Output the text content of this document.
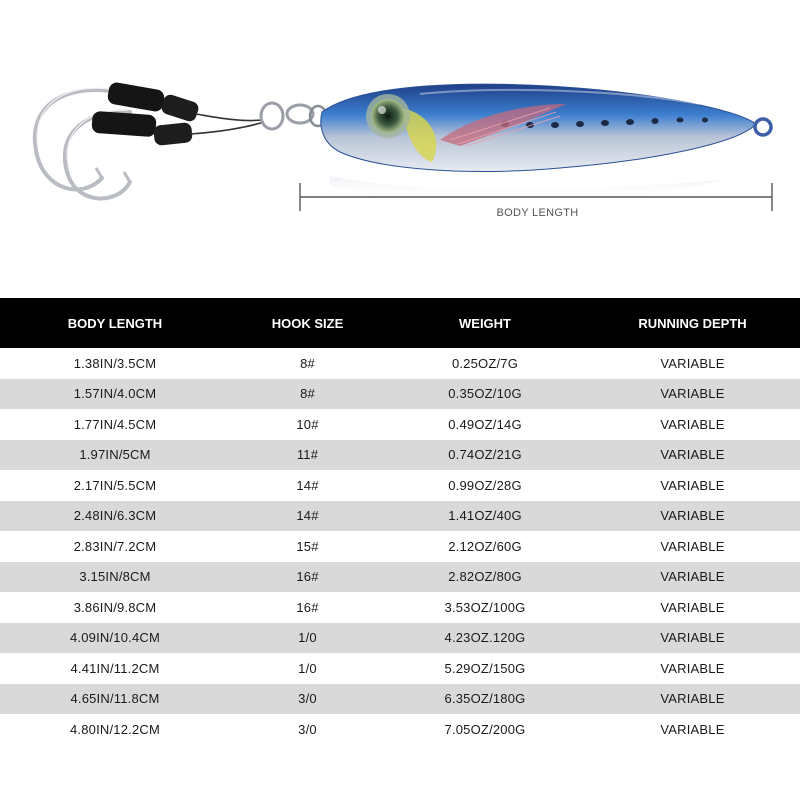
BODY LENGTH
BODY LENGTH	HOOK SIZE	WEIGHT	RUNNING DEPTH
1.38IN/3.5CM	8#	0.25OZ/7G	VARIABLE
1.57IN/4.0CM	8#	0.35OZ/10G	VARIABLE
1.77IN/4.5CM	10#	0.49OZ/14G	VARIABLE
1.97IN/5CM	11#	0.74OZ/21G	VARIABLE
2.17IN/5.5CM	14#	0.99OZ/28G	VARIABLE
2.48IN/6.3CM	14#	1.41OZ/40G	VARIABLE
2.83IN/7.2CM	15#	2.12OZ/60G	VARIABLE
3.15IN/8CM	16#	2.82OZ/80G	VARIABLE
3.86IN/9.8CM	16#	3.53OZ/100G	VARIABLE
4.09IN/10.4CM	1/0	4.23OZ.120G	VARIABLE
4.41IN/11.2CM	1/0	5.29OZ/150G	VARIABLE
4.65IN/11.8CM	3/0	6.35OZ/180G	VARIABLE
4.80IN/12.2CM	3/0	7.05OZ/200G	VARIABLE
